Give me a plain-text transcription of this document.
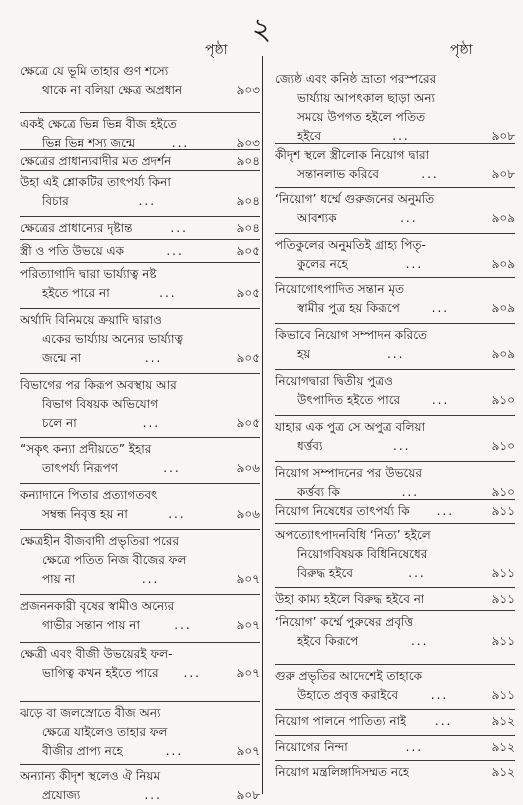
২
পৃষ্ঠা	পৃষ্ঠা
ক্ষেত্রে যে ভূমি তাহার গুণ শস্যে
থাকে না বলিয়া ক্ষেত্র অপ্রধান	৯০৩
একই ক্ষেত্রে ভিন্ন ভিন্ন বীজ হইতে
ভিন্ন ভিন্ন শস্য জন্মে	...	৯০৩
ক্ষেত্রের প্রাধান্যবাদীর মত প্রদর্শন	৯০৪
উহা এই শ্লোকটির তাৎপর্য্য কিনা
বিচার	...	৯০৪
ক্ষেত্রের প্রাধান্যের দৃষ্টান্ত	...	৯০৪
স্ত্রী ও পতি উভয়ে এক	...	৯০৫
পরিত্যাগাদি দ্বারা ভার্য্যাত্ব নষ্ট
হইতে পারে না	...	৯০৫
অর্থাদি বিনিময়ে ক্রয়াদি দ্বারাও
একের ভার্য্যায় অন্যের ভার্য্যাত্ব
জন্মে না	...	৯০৫
বিভাগের পর কিরূপ অবস্থায় আর
বিভাগ বিষয়ক অভিযোগ
চলে না	...	৯০৫
“সকৃৎ কন্যা প্রদীয়তে” ইহার
তাৎপর্য্য নিরূপণ	...	৯০৬
কন্যাদানে পিতার প্রত্যাগতবৎ
সম্বন্ধ নিবৃত্ত হয় না	...	৯০৬
ক্ষেত্রহীন বীজবাদী প্রভৃতিরা পরের
ক্ষেত্রে পতিত নিজ বীজের ফল
পায় না	...	৯০৭
প্রজননকারী বৃষের স্বামীও অন্যের
গাভীর সন্তান পায় না	...	৯০৭
ক্ষেত্রী এবং বীজী উভয়েরই ফল-
ভাগিত্ব কখন হইতে পারে	...	৯০৭
ঝড়ে বা জলস্রোতে বীজ অন্য
ক্ষেত্রে যাইলেও তাহার ফল
বীজীর প্রাপ্য নহে	...	৯০৭
অন্যান্য কীদৃশ স্থলেও ঐ নিয়ম
প্রযোজ্য	...	৯০৮
জ্যেষ্ঠ এবং কনিষ্ঠ ভ্রাতা পরস্পরের
ভার্য্যায় আপৎকাল ছাড়া অন্য
সময়ে উপগত হইলে পতিত
হইবে	...	৯০৮
কীদৃশ স্থলে স্ত্রীলোক নিয়োগ দ্বারা
সন্তানলাভ করিবে	...	৯০৮
‘নিয়োগ’ ধর্ম্মে গুরুজনের অনুমতি
আবশ্যক	...	৯০৯
পতিকুলের অনুমতিই গ্রাহ্য পিতৃ-
কুলের নহে	...	৯০৯
নিয়োগোৎপাদিত সন্তান মৃত
স্বামীর পুত্র হয় কিরূপে	...	৯০৯
কিভাবে নিয়োগ সম্পাদন করিতে
হয়	...	৯০৯
নিয়োগদ্বারা দ্বিতীয় পুত্রও
উৎপাদিত হইতে পারে	...	৯১০
যাহার এক পুত্র সে অপুত্র বলিয়া
ধর্ত্তব্য	...	৯১০
নিয়োগ সম্পাদনের পর উভয়ের
কর্ত্তব্য কি	...	৯১০
নিয়োগ নিষেধের তাৎপর্য্য কি	...	৯১১
অপত্যোৎপাদনবিধি ‘নিত্য’ হইলে
নিয়োগবিষয়ক বিধিনিষেধের
বিরুদ্ধ হইবে	...	৯১১
উহা কাম্য হইলে বিরুদ্ধ হইবে না	৯১১
‘নিয়োগ’ কর্ম্মে পুরুষের প্রবৃত্তি
হইবে কিরূপে	...	৯১১
গুরু প্রভৃতির আদেশেই তাহাকে
উহাতে প্রবৃত্ত করাইবে	...	৯১১
নিয়োগ পালনে পাতিত্য নাই	...	৯১২
নিয়োগের নিন্দা	...	৯১২
নিয়োগ মন্ত্রলিঙ্গাদিসম্মত নহে	৯১২
